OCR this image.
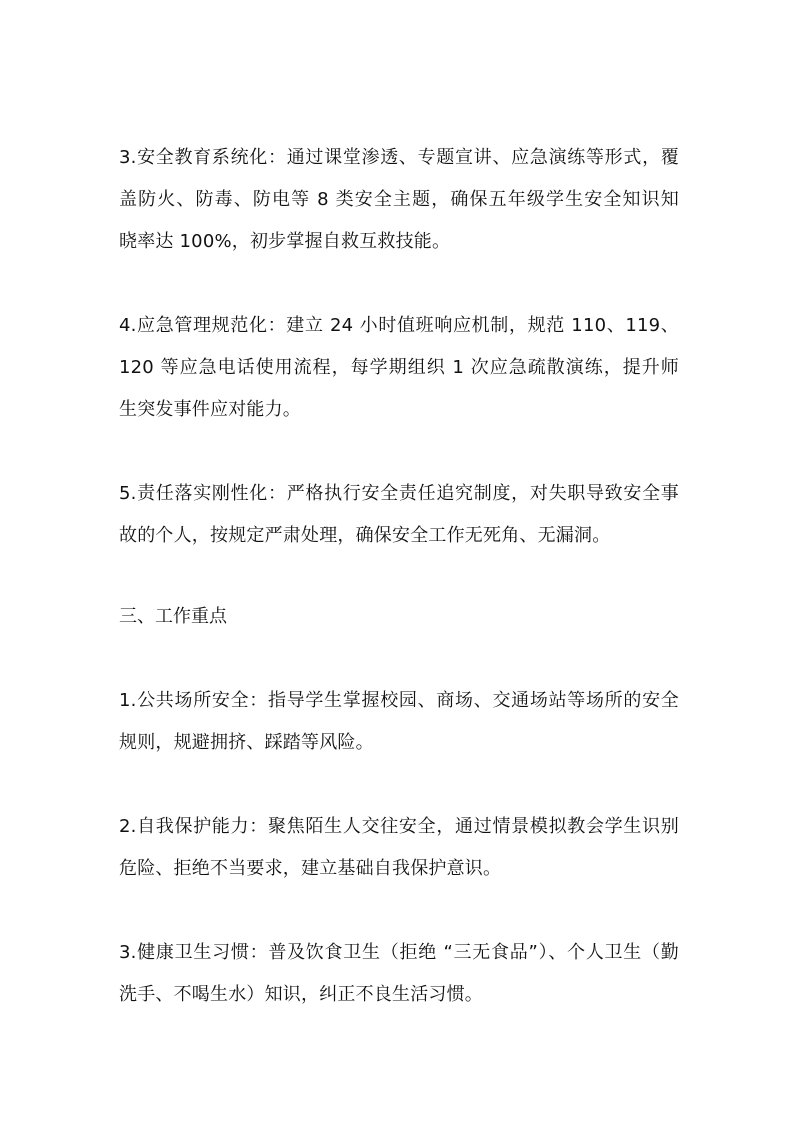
3.安全教育系统化：通过课堂渗透、专题宣讲、应急演练等形式，覆
盖防火、防毒、防电等 8 类安全主题，确保五年级学生安全知识知
晓率达 100%，初步掌握自救互救技能。

4.应急管理规范化：建立 24 小时值班响应机制，规范 110、119、
120 等应急电话使用流程，每学期组织 1 次应急疏散演练，提升师
生突发事件应对能力。

5.责任落实刚性化：严格执行安全责任追究制度，对失职导致安全事
故的个人，按规定严肃处理，确保安全工作无死角、无漏洞。

三、工作重点

1.公共场所安全：指导学生掌握校园、商场、交通场站等场所的安全
规则，规避拥挤、踩踏等风险。

2.自我保护能力：聚焦陌生人交往安全，通过情景模拟教会学生识别
危险、拒绝不当要求，建立基础自我保护意识。

3.健康卫生习惯：普及饮食卫生（拒绝 “三无食品”）、个人卫生（勤
洗手、不喝生水）知识，纠正不良生活习惯。
